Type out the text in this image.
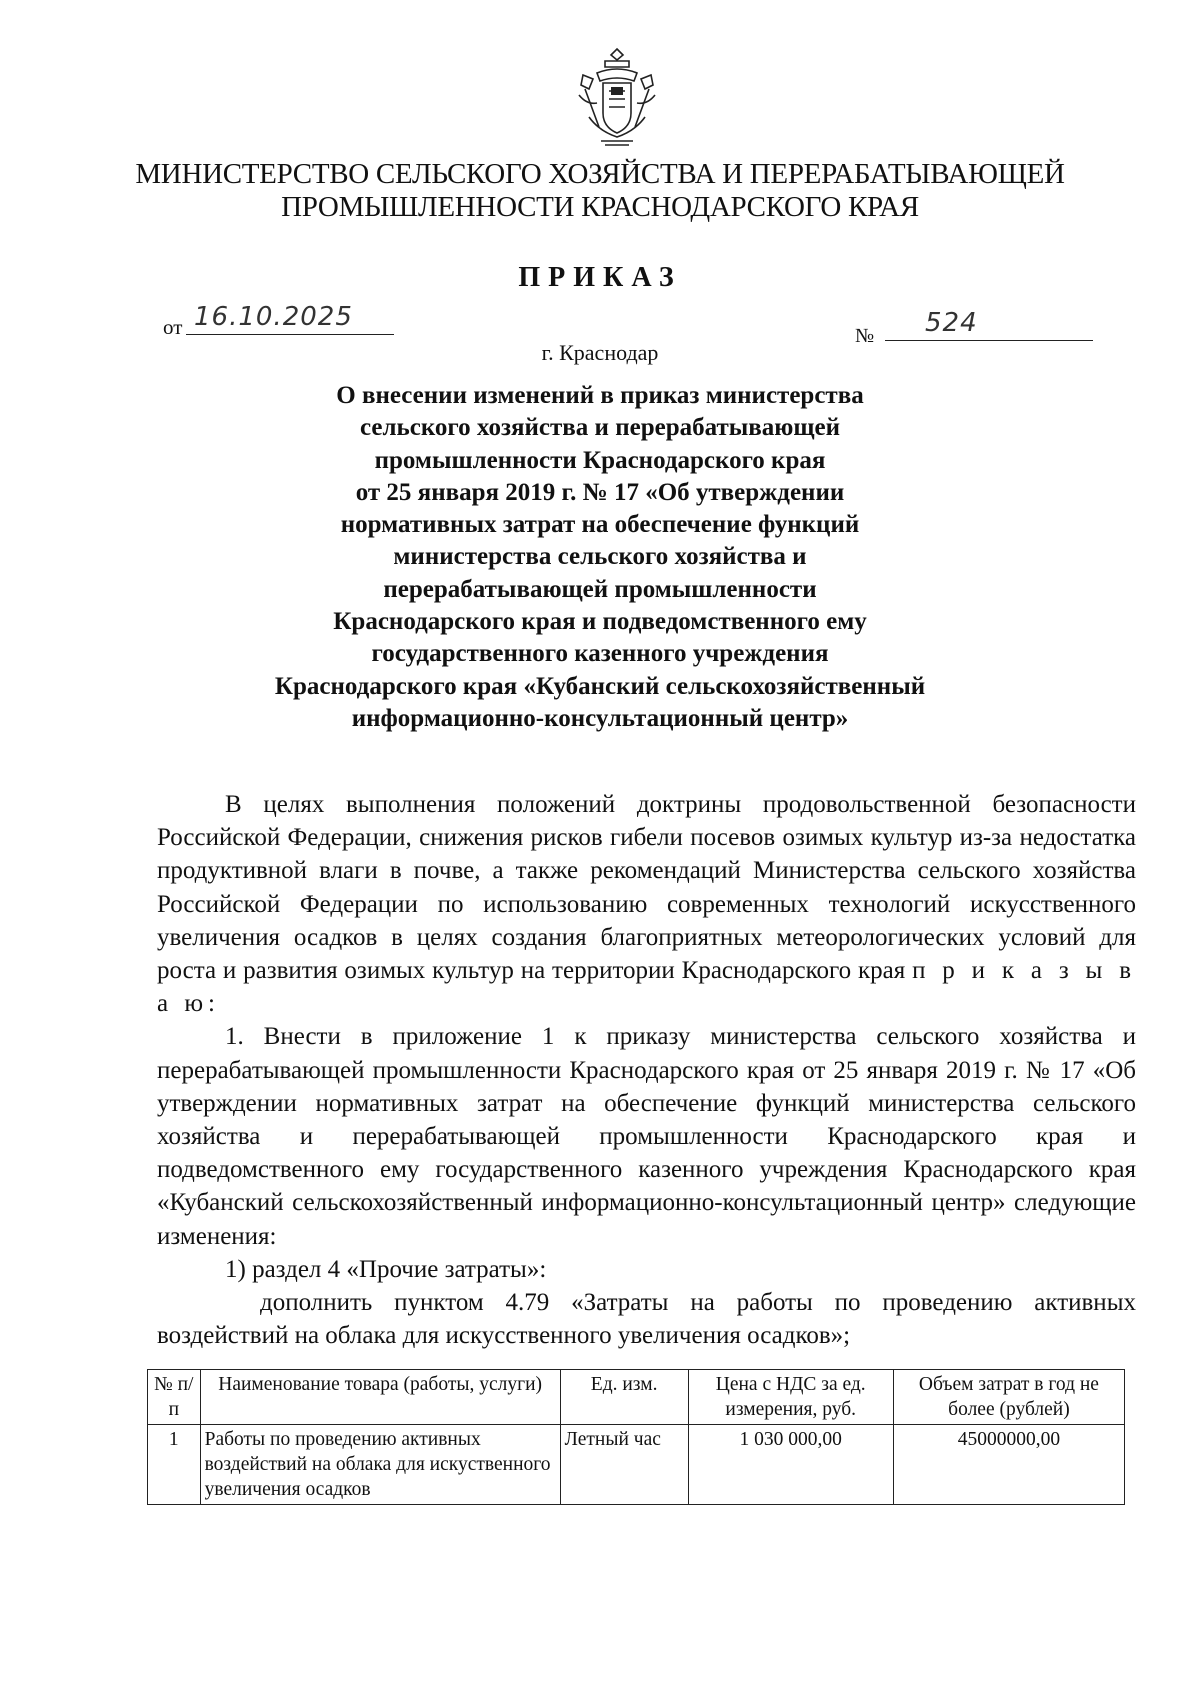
МИНИСТЕРСТВО СЕЛЬСКОГО ХОЗЯЙСТВА И ПЕРЕРАБАТЫВАЮЩЕЙ
ПРОМЫШЛЕННОСТИ КРАСНОДАРСКОГО КРАЯ
ПРИКАЗ
от 16.10.2025
№ 524
г. Краснодар
О внесении изменений в приказ министерства
сельского хозяйства и перерабатывающей
промышленности Краснодарского края
от 25 января 2019 г. № 17 «Об утверждении
нормативных затрат на обеспечение функций
министерства сельского хозяйства и
перерабатывающей промышленности
Краснодарского края и подведомственного ему
государственного казенного учреждения
Краснодарского края «Кубанский сельскохозяйственный
информационно-консультационный центр»

В целях выполнения положений доктрины продовольственной безопасности Российской Федерации, снижения рисков гибели посевов озимых культур из-за недостатка продуктивной влаги в почве, а также рекомендаций Министерства сельского хозяйства Российской Федерации по использованию современных технологий искусственного увеличения осадков в целях создания благоприятных метеорологических условий для роста и развития озимых культур на территории Краснодарского края п р и к а з ы в а ю:

1. Внести в приложение 1 к приказу министерства сельского хозяйства и перерабатывающей промышленности Краснодарского края от 25 января 2019 г. № 17 «Об утверждении нормативных затрат на обеспечение функций министерства сельского хозяйства и перерабатывающей промышленности Краснодарского края и подведомственного ему государственного казенного учреждения Краснодарского края «Кубанский сельскохозяйственный информационно-консультационный центр» следующие изменения:

1) раздел 4 «Прочие затраты»:

дополнить пунктом 4.79 «Затраты на работы по проведению активных воздействий на облака для искусственного увеличения осадков»;

№ п/п	Наименование товара (работы, услуги)	Ед. изм.	Цена с НДС за ед. измерения, руб.	Объем затрат в год не более (рублей)
1	Работы по проведению активных воздействий на облака для искуственного увеличения осадков	Летный час	1 030 000,00	45000000,00
